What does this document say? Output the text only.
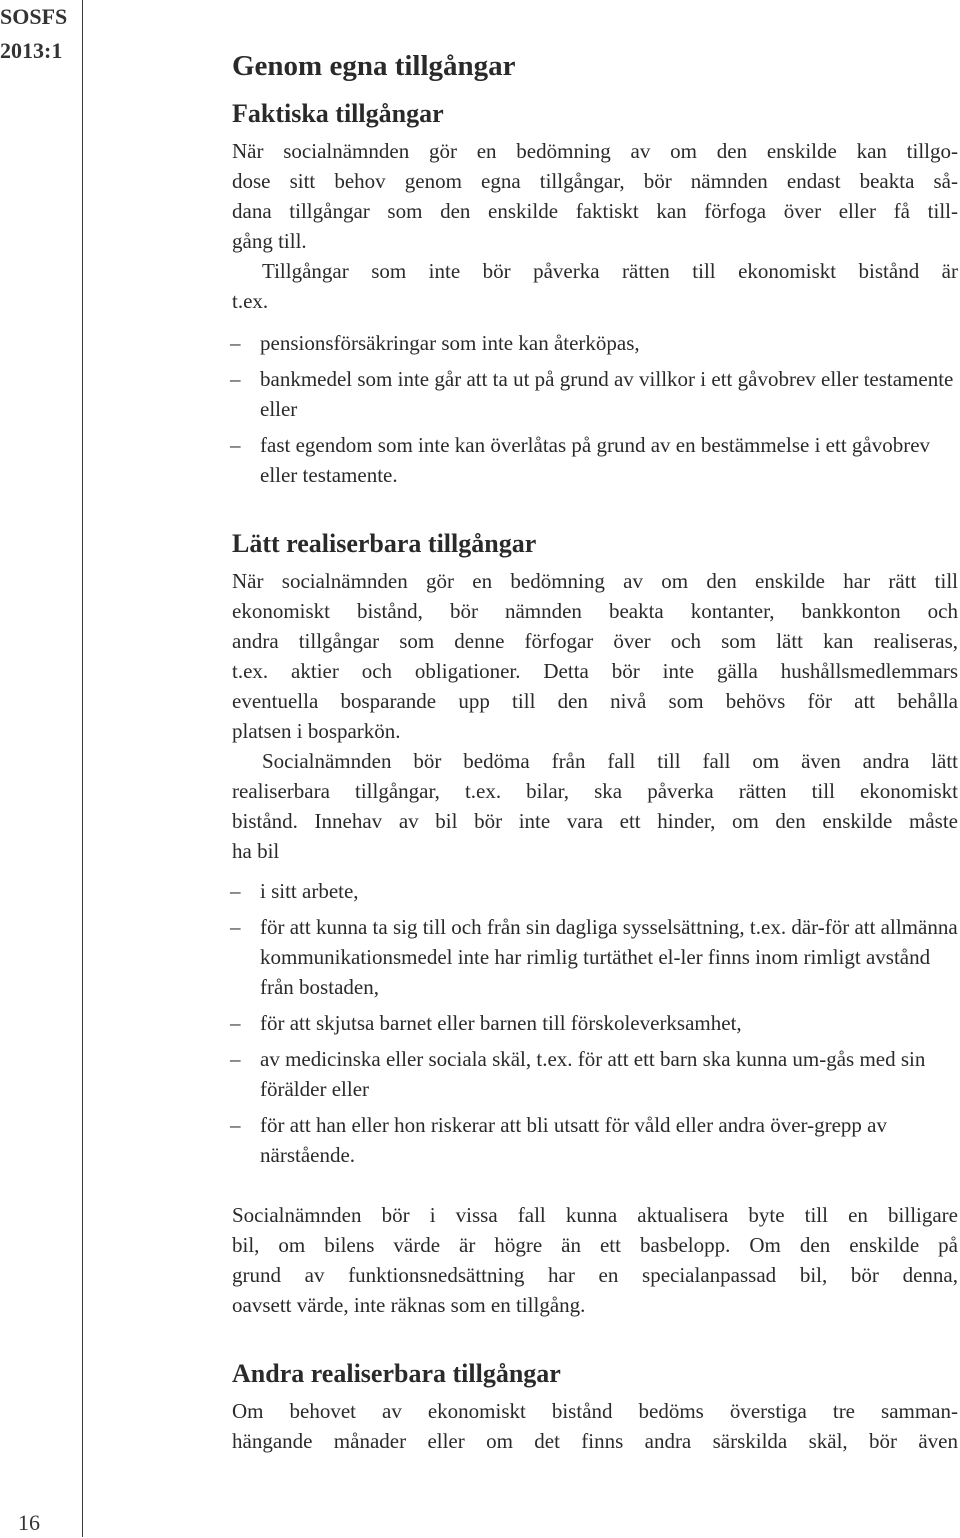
SOSFS
2013:1
16
Genom egna tillgångar
Faktiska tillgångar
När socialnämnden gör en bedömning av om den enskilde kan tillgo-
dose sitt behov genom egna tillgångar, bör nämnden endast beakta så-
dana tillgångar som den enskilde faktiskt kan förfoga över eller få till-
gång till.
Tillgångar som inte bör påverka rätten till ekonomiskt bistånd är
t.ex.
– pensionsförsäkringar som inte kan återköpas,
– bankmedel som inte går att ta ut på grund av villkor i ett gåvobrev eller testamente eller
– fast egendom som inte kan överlåtas på grund av en bestämmelse i ett gåvobrev eller testamente.
Lätt realiserbara tillgångar
När socialnämnden gör en bedömning av om den enskilde har rätt till
ekonomiskt bistånd, bör nämnden beakta kontanter, bankkonton och
andra tillgångar som denne förfogar över och som lätt kan realiseras,
t.ex. aktier och obligationer. Detta bör inte gälla hushållsmedlemmars
eventuella bosparande upp till den nivå som behövs för att behålla
platsen i bosparkön.
Socialnämnden bör bedöma från fall till fall om även andra lätt
realiserbara tillgångar, t.ex. bilar, ska påverka rätten till ekonomiskt
bistånd. Innehav av bil bör inte vara ett hinder, om den enskilde måste
ha bil
– i sitt arbete,
– för att kunna ta sig till och från sin dagliga sysselsättning, t.ex. där-för att allmänna kommunikationsmedel inte har rimlig turtäthet el-ler finns inom rimligt avstånd från bostaden,
– för att skjutsa barnet eller barnen till förskoleverksamhet,
– av medicinska eller sociala skäl, t.ex. för att ett barn ska kunna um-gås med sin förälder eller
– för att han eller hon riskerar att bli utsatt för våld eller andra över-grepp av närstående.
Socialnämnden bör i vissa fall kunna aktualisera byte till en billigare
bil, om bilens värde är högre än ett basbelopp. Om den enskilde på
grund av funktionsnedsättning har en specialanpassad bil, bör denna,
oavsett värde, inte räknas som en tillgång.
Andra realiserbara tillgångar
Om behovet av ekonomiskt bistånd bedöms överstiga tre samman-
hängande månader eller om det finns andra särskilda skäl, bör även
